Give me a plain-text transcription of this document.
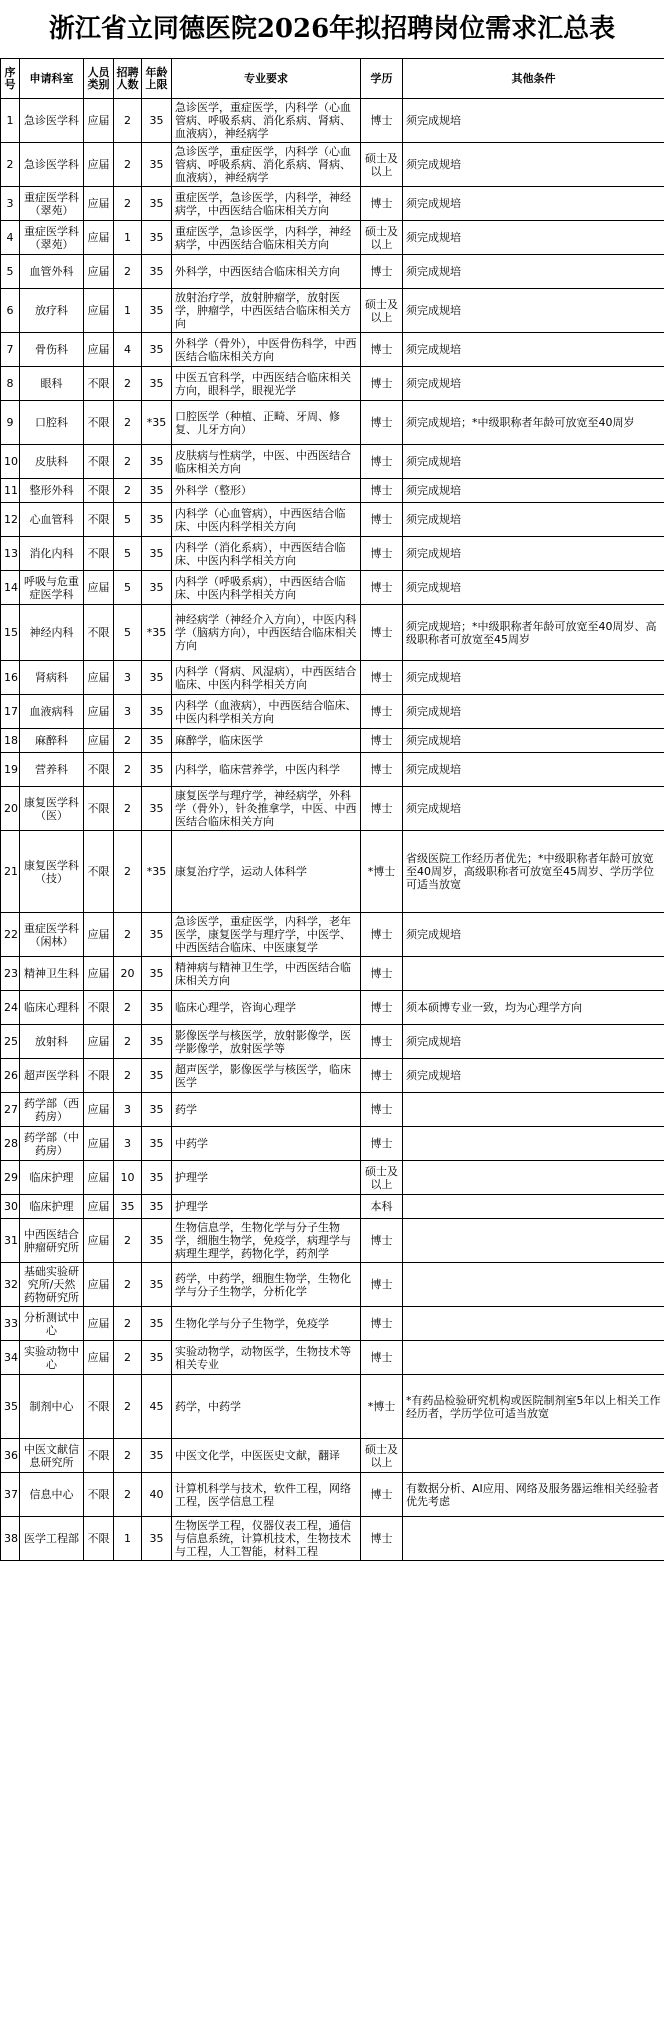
浙江省立同德医院2026年拟招聘岗位需求汇总表
序号	申请科室	人员类别	招聘人数	年龄上限	专业要求	学历	其他条件
1	急诊医学科	应届	2	35	急诊医学，重症医学，内科学（心血管病、呼吸系病、消化系病、肾病、血液病），神经病学	博士	须完成规培
2	急诊医学科	应届	2	35	急诊医学，重症医学，内科学（心血管病、呼吸系病、消化系病、肾病、血液病），神经病学	硕士及以上	须完成规培
3	重症医学科（翠苑）	应届	2	35	重症医学，急诊医学，内科学，神经病学，中西医结合临床相关方向	博士	须完成规培
4	重症医学科（翠苑）	应届	1	35	重症医学，急诊医学，内科学，神经病学，中西医结合临床相关方向	硕士及以上	须完成规培
5	血管外科	应届	2	35	外科学，中西医结合临床相关方向	博士	须完成规培
6	放疗科	应届	1	35	放射治疗学，放射肿瘤学，放射医学，肿瘤学，中西医结合临床相关方向	硕士及以上	须完成规培
7	骨伤科	应届	4	35	外科学（骨外），中医骨伤科学，中西医结合临床相关方向	博士	须完成规培
8	眼科	不限	2	35	中医五官科学，中西医结合临床相关方向，眼科学，眼视光学	博士	须完成规培
9	口腔科	不限	2	*35	口腔医学（种植、正畸、牙周、修复、儿牙方向）	博士	须完成规培；*中级职称者年龄可放宽至40周岁
10	皮肤科	不限	2	35	皮肤病与性病学，中医、中西医结合临床相关方向	博士	须完成规培
11	整形外科	不限	2	35	外科学（整形）	博士	须完成规培
12	心血管科	不限	5	35	内科学（心血管病），中西医结合临床、中医内科学相关方向	博士	须完成规培
13	消化内科	不限	5	35	内科学（消化系病），中西医结合临床、中医内科学相关方向	博士	须完成规培
14	呼吸与危重症医学科	应届	5	35	内科学（呼吸系病），中西医结合临床、中医内科学相关方向	博士	须完成规培
15	神经内科	不限	5	*35	神经病学（神经介入方向），中医内科学（脑病方向），中西医结合临床相关方向	博士	须完成规培；*中级职称者年龄可放宽至40周岁、高级职称者可放宽至45周岁
16	肾病科	应届	3	35	内科学（肾病、风湿病），中西医结合临床、中医内科学相关方向	博士	须完成规培
17	血液病科	应届	3	35	内科学（血液病），中西医结合临床、中医内科学相关方向	博士	须完成规培
18	麻醉科	应届	2	35	麻醉学，临床医学	博士	须完成规培
19	营养科	不限	2	35	内科学，临床营养学，中医内科学	博士	须完成规培
20	康复医学科（医）	不限	2	35	康复医学与理疗学，神经病学，外科学（骨外），针灸推拿学，中医、中西医结合临床相关方向	博士	须完成规培
21	康复医学科（技）	不限	2	*35	康复治疗学，运动人体科学	*博士	省级医院工作经历者优先；*中级职称者年龄可放宽至40周岁，高级职称者可放宽至45周岁、学历学位可适当放宽
22	重症医学科（闲林）	应届	2	35	急诊医学，重症医学，内科学，老年医学，康复医学与理疗学，中医学、中西医结合临床、中医康复学	博士	须完成规培
23	精神卫生科	应届	20	35	精神病与精神卫生学，中西医结合临床相关方向	博士	
24	临床心理科	不限	2	35	临床心理学，咨询心理学	博士	须本硕博专业一致，均为心理学方向
25	放射科	应届	2	35	影像医学与核医学，放射影像学，医学影像学，放射医学等	博士	须完成规培
26	超声医学科	不限	2	35	超声医学，影像医学与核医学，临床医学	博士	须完成规培
27	药学部（西药房）	应届	3	35	药学	博士	
28	药学部（中药房）	应届	3	35	中药学	博士	
29	临床护理	应届	10	35	护理学	硕士及以上	
30	临床护理	应届	35	35	护理学	本科	
31	中西医结合肿瘤研究所	应届	2	35	生物信息学，生物化学与分子生物学，细胞生物学，免疫学，病理学与病理生理学，药物化学，药剂学	博士	
32	基础实验研究所/天然药物研究所	应届	2	35	药学，中药学，细胞生物学，生物化学与分子生物学，分析化学	博士	
33	分析测试中心	应届	2	35	生物化学与分子生物学，免疫学	博士	
34	实验动物中心	应届	2	35	实验动物学，动物医学，生物技术等相关专业	博士	
35	制剂中心	不限	2	45	药学，中药学	*博士	*有药品检验研究机构或医院制剂室5年以上相关工作经历者，学历学位可适当放宽
36	中医文献信息研究所	不限	2	35	中医文化学，中医医史文献，翻译	硕士及以上	
37	信息中心	不限	2	40	计算机科学与技术，软件工程，网络工程，医学信息工程	博士	有数据分析、AI应用、网络及服务器运维相关经验者优先考虑
38	医学工程部	不限	1	35	生物医学工程，仪器仪表工程，通信与信息系统，计算机技术，生物技术与工程，人工智能，材料工程	博士	
